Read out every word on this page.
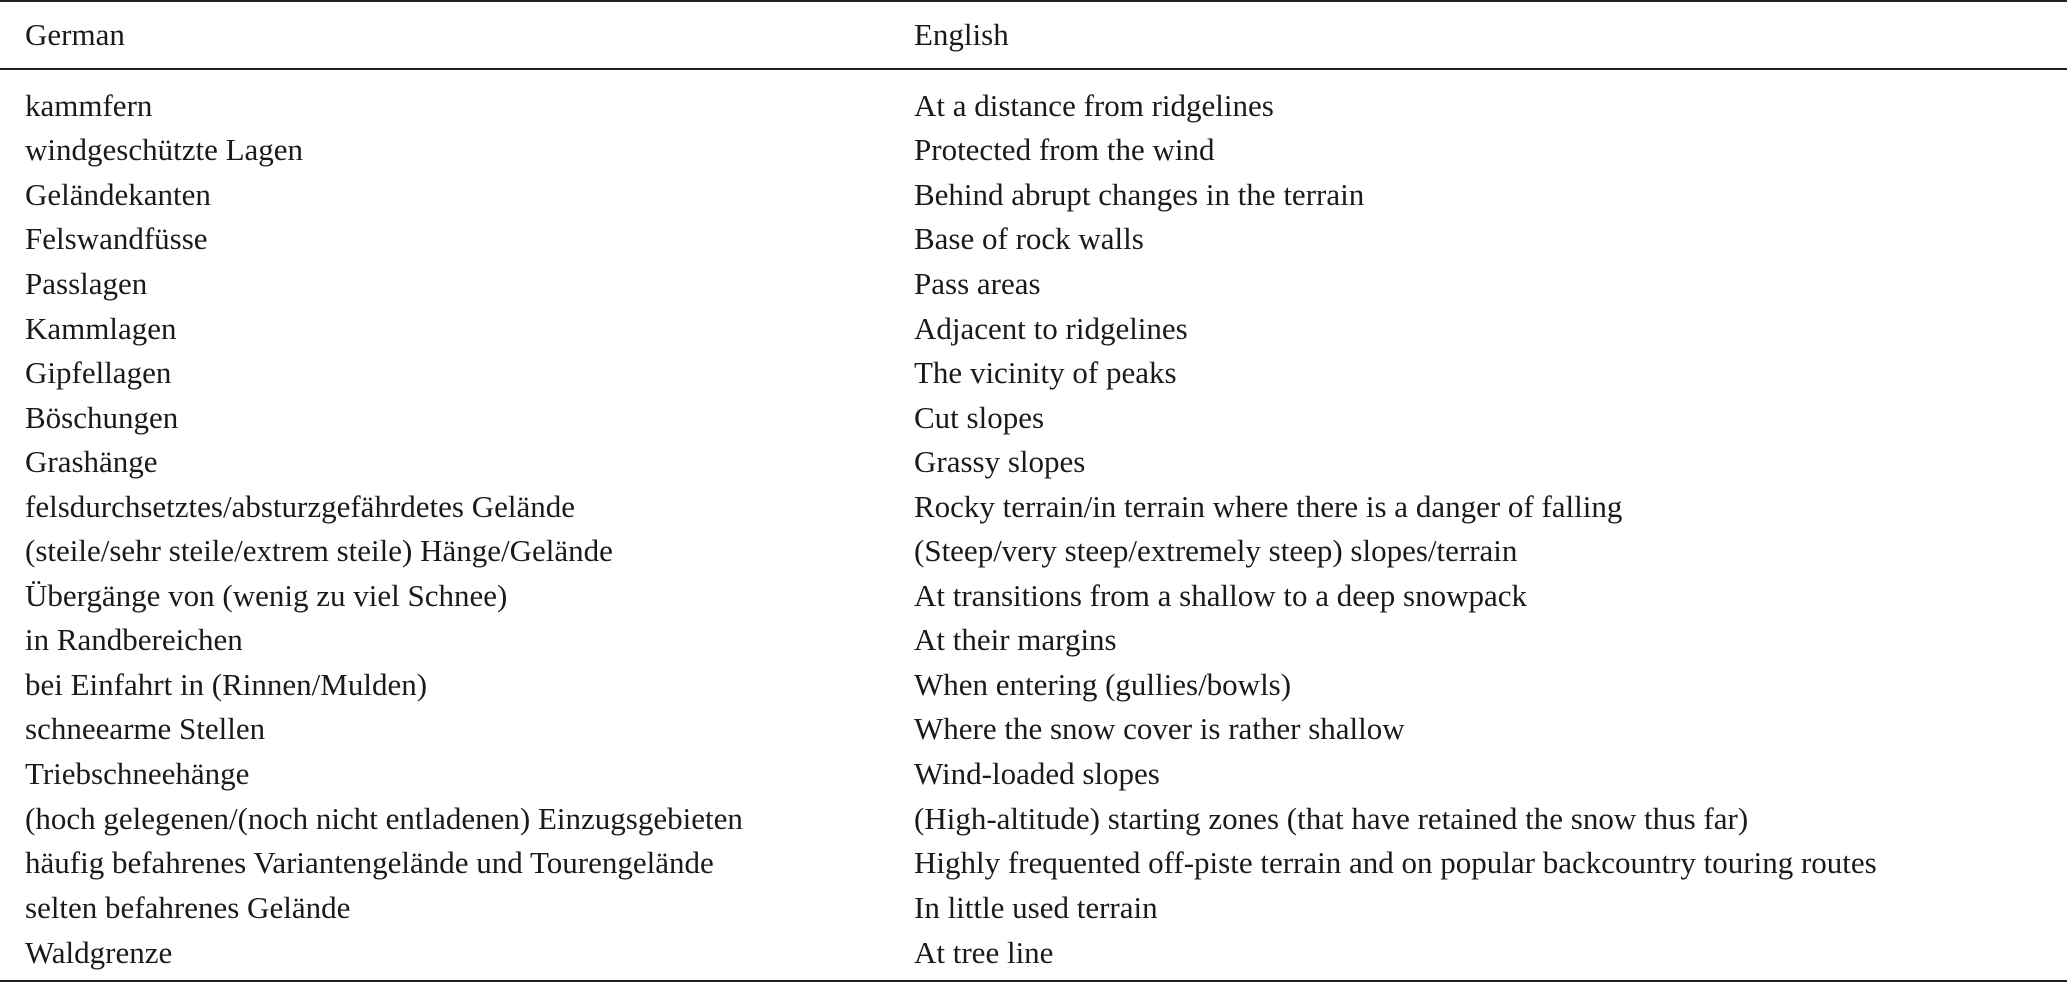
German	English

kammfern	At a distance from ridgelines
windgeschützte Lagen	Protected from the wind
Geländekanten	Behind abrupt changes in the terrain
Felswandfüsse	Base of rock walls
Passlagen	Pass areas
Kammlagen	Adjacent to ridgelines
Gipfellagen	The vicinity of peaks
Böschungen	Cut slopes
Grashänge	Grassy slopes
felsdurchsetztes/absturzgefährdetes Gelände	Rocky terrain/in terrain where there is a danger of falling
(steile/sehr steile/extrem steile) Hänge/Gelände	(Steep/very steep/extremely steep) slopes/terrain
Übergänge von (wenig zu viel Schnee)	At transitions from a shallow to a deep snowpack
in Randbereichen	At their margins
bei Einfahrt in (Rinnen/Mulden)	When entering (gullies/bowls)
schneearme Stellen	Where the snow cover is rather shallow
Triebschneehänge	Wind-loaded slopes
(hoch gelegenen/(noch nicht entladenen) Einzugsgebieten	(High-altitude) starting zones (that have retained the snow thus far)
häufig befahrenes Variantengelände und Tourengelände	Highly frequented off-piste terrain and on popular backcountry touring routes
selten befahrenes Gelände	In little used terrain
Waldgrenze	At tree line
